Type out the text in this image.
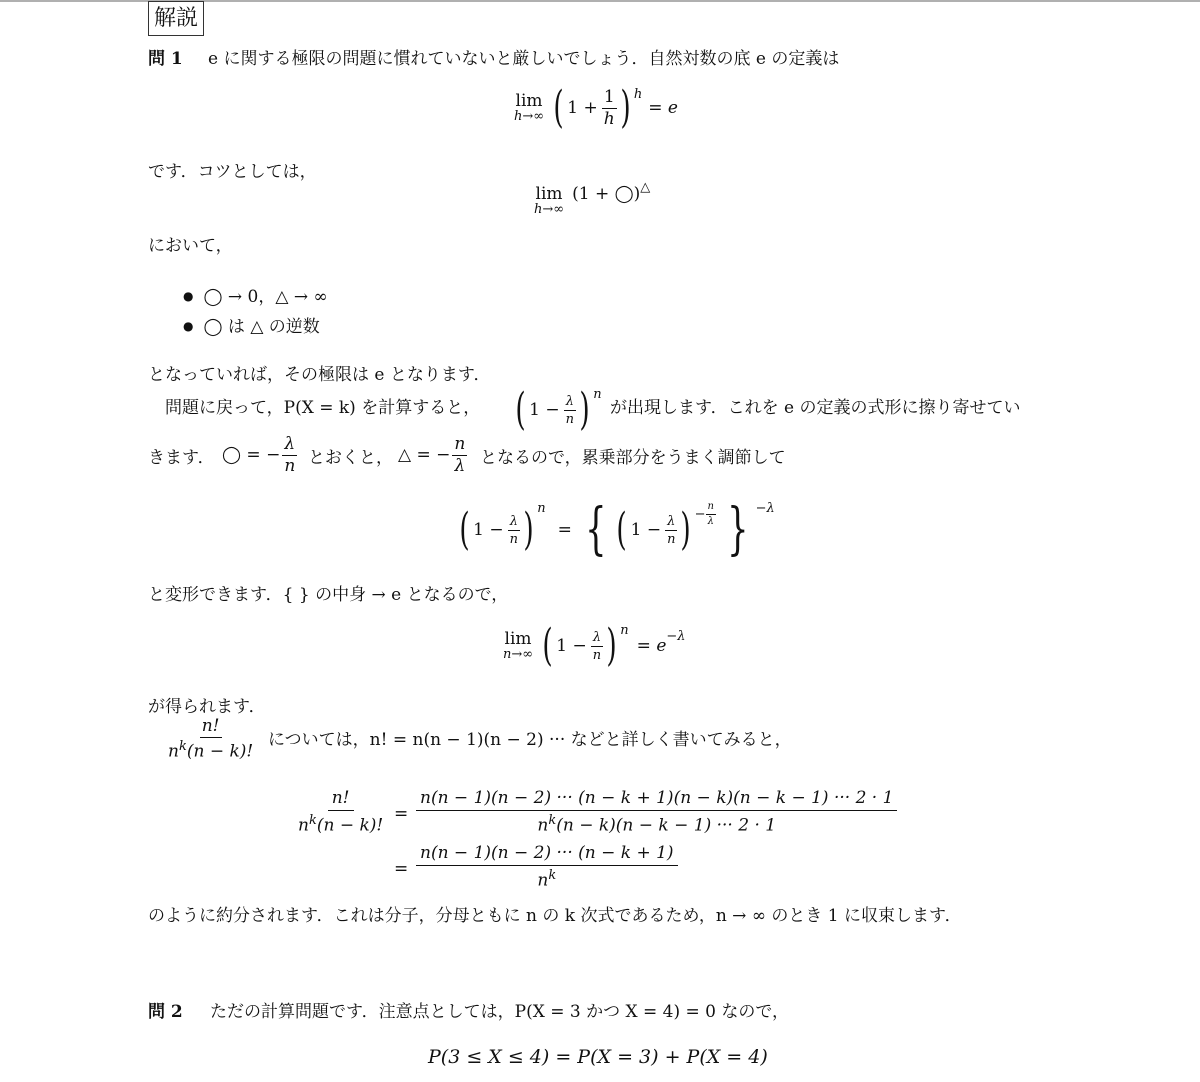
解説
問 1 e に関する極限の問題に慣れていないと厳しいでしょう．自然対数の底 e の定義は
lim
h→∞ ( $1 + \frac{1}{h}$ ) h
= e
です．コツとしては，
lim
h→∞
(1 + ◯) △
において，
● ◯ → 0，△ → ∞
● ◯ は △ の逆数
となっていれば，その極限は e となります．
問題に戻って，P(X = k) を計算すると， ( $1 - \frac{\lambda}{n}$ ) n
が出現します．これを e の定義の式形に擦り寄せてい
きます． ◯ = − $\frac{\lambda}{n}$ とおくと， △ = − $\frac{n}{\lambda}$ となるので，累乗部分をうまく調節して
( $1 - \frac{\lambda}{n}$ ) n
= { ( $1 - \frac{\lambda}{n}$ ) − $\frac{n}{\lambda}$ } −λ
と変形できます．{ } の中身 → e となるので，
lim
n→∞ ( $1 - \frac{\lambda}{n}$ ) n
= e −λ
が得られます．
$\frac{n!}{n^k(n - k)!}$ については，n! = n(n − 1)(n − 2) ··· などと詳しく書いてみると，
$\frac{n!}{n^k(n - k)!} = \frac{n(n - 1)(n - 2) \cdot\cdot\cdot (n - k + 1)(n - k)(n - k - 1) \cdot\cdot\cdot 2 \cdot 1}{n^k(n - k)(n - k - 1) \cdot\cdot\cdot 2 \cdot 1}$
= $\frac{n(n - 1)(n - 2) \cdot\cdot\cdot (n - k + 1)}{n^k}$
のように約分されます．これは分子，分母ともに n の k 次式であるため，n → ∞ のとき 1 に収束します．
問 2 ただの計算問題です．注意点としては，P(X = 3 かつ X = 4) = 0 なので，
P(3 ≤ X ≤ 4) = P(X = 3) + P(X = 4)
